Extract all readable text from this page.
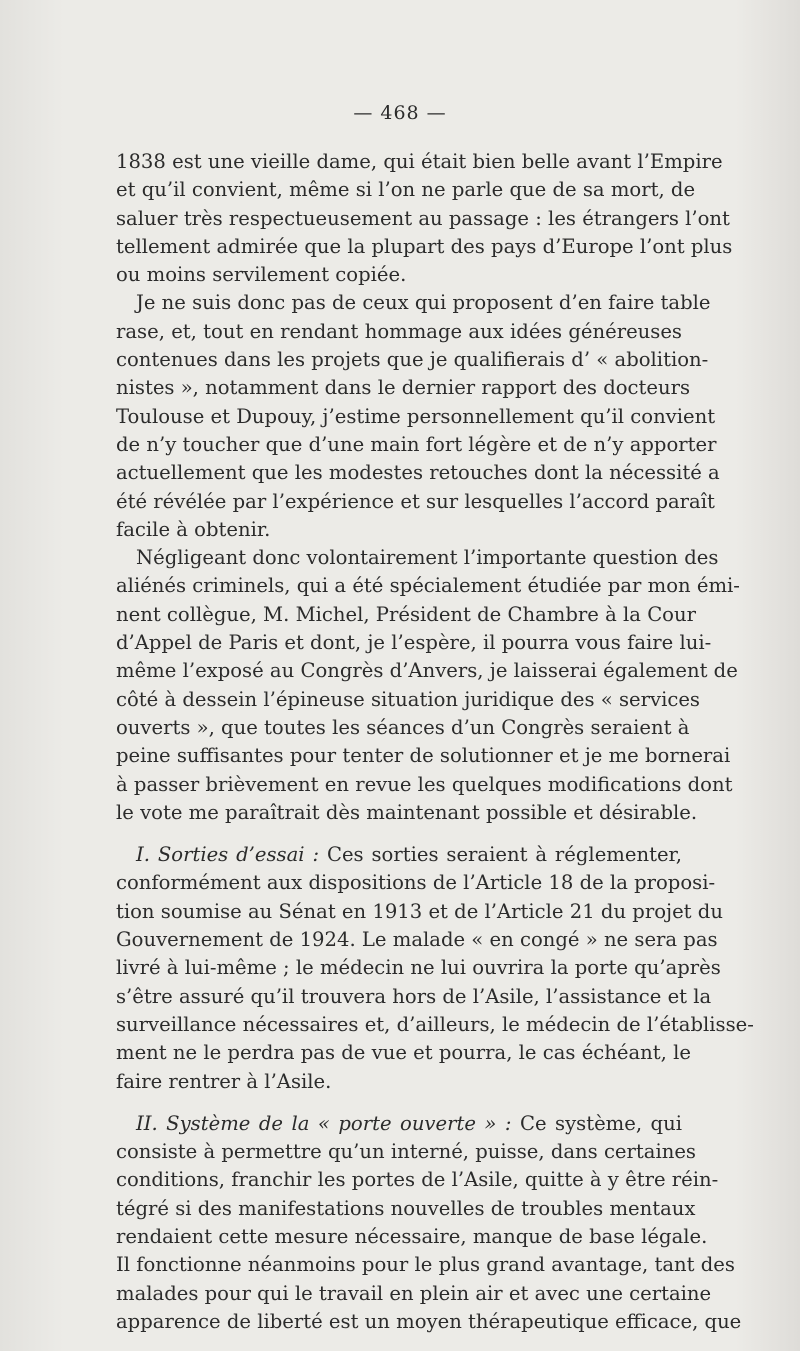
— 468 —
1838 est une vieille dame, qui était bien belle avant l’Empire
et qu’il convient, même si l’on ne parle que de sa mort, de
saluer très respectueusement au passage : les étrangers l’ont
tellement admirée que la plupart des pays d’Europe l’ont plus
ou moins servilement copiée.
Je ne suis donc pas de ceux qui proposent d’en faire table
rase, et, tout en rendant hommage aux idées généreuses
contenues dans les projets que je qualifierais d’ « abolition-
nistes », notamment dans le dernier rapport des docteurs
Toulouse et Dupouy, j’estime personnellement qu’il convient
de n’y toucher que d’une main fort légère et de n’y apporter
actuellement que les modestes retouches dont la nécessité a
été révélée par l’expérience et sur lesquelles l’accord paraît
facile à obtenir.
Négligeant donc volontairement l’importante question des
aliénés criminels, qui a été spécialement étudiée par mon émi-
nent collègue, M. Michel, Président de Chambre à la Cour
d’Appel de Paris et dont, je l’espère, il pourra vous faire lui-
même l’exposé au Congrès d’Anvers, je laisserai également de
côté à dessein l’épineuse situation juridique des « services
ouverts », que toutes les séances d’un Congrès seraient à
peine suffisantes pour tenter de solutionner et je me bornerai
à passer brièvement en revue les quelques modifications dont
le vote me paraîtrait dès maintenant possible et désirable.
I. Sorties d’essai : Ces sorties seraient à réglementer,
conformément aux dispositions de l’Article 18 de la proposi-
tion soumise au Sénat en 1913 et de l’Article 21 du projet du
Gouvernement de 1924. Le malade « en congé » ne sera pas
livré à lui-même ; le médecin ne lui ouvrira la porte qu’après
s’être assuré qu’il trouvera hors de l’Asile, l’assistance et la
surveillance nécessaires et, d’ailleurs, le médecin de l’établisse-
ment ne le perdra pas de vue et pourra, le cas échéant, le
faire rentrer à l’Asile.
II. Système de la « porte ouverte » : Ce système, qui
consiste à permettre qu’un interné, puisse, dans certaines
conditions, franchir les portes de l’Asile, quitte à y être réin-
tégré si des manifestations nouvelles de troubles mentaux
rendaient cette mesure nécessaire, manque de base légale.
Il fonctionne néanmoins pour le plus grand avantage, tant des
malades pour qui le travail en plein air et avec une certaine
apparence de liberté est un moyen thérapeutique efficace, que
